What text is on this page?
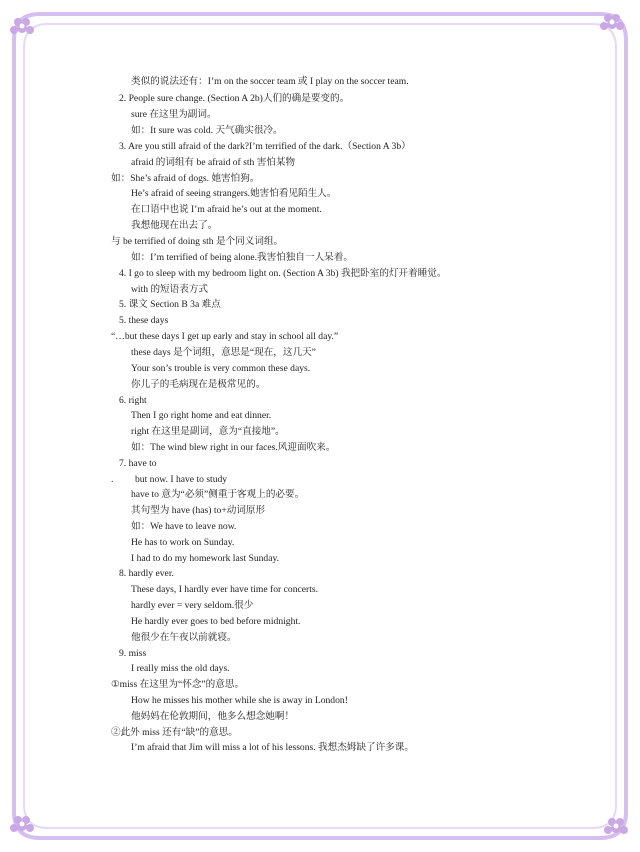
类似的说法还有：I’m on the soccer team 或 I play on the soccer team.
2. People sure change. (Section A 2b)人们的确是要变的。
sure 在这里为副词。
如：It sure was cold. 天气确实很冷。
3. Are you still afraid of the dark?I’m terrified of the dark.（Section A 3b）
afraid 的词组有 be afraid of sth 害怕某物
如：She’s afraid of dogs. 她害怕狗。
He’s afraid of seeing strangers.她害怕看见陌生人。
在口语中也说 I’m afraid he’s out at the moment.
我想他现在出去了。
与 be terrified of doing sth 是个同义词组。
如：I’m terrified of being alone.我害怕独自一人呆着。
4. I go to sleep with my bedroom light on. (Section A 3b) 我把卧室的灯开着睡觉。
with 的短语表方式
5. 课文 Section B 3a 难点
5. these days
“…but these days I get up early and stay in school all day.”
these days 是个词组，意思是“现在，这几天”
Your son’s trouble is very common these days.
你儿子的毛病现在是极常见的。
6. right
Then I go right home and eat dinner.
right 在这里是副词，意为“直接地”。
如：The wind blew right in our faces.风迎面吹来。
7. have to
. but now. I have to study
have to 意为“必须”侧重于客观上的必要。
其句型为 have (has) to+动词原形
如：We have to leave now.
He has to work on Sunday.
I had to do my homework last Sunday.
8. hardly ever.
These days, I hardly ever have time for concerts.
hardly ever = very seldom.很少
He hardly ever goes to bed before midnight.
他很少在午夜以前就寝。
9. miss
I really miss the old days.
①miss 在这里为“怀念”的意思。
How he misses his mother while she is away in London!
他妈妈在伦敦期间，他多么想念她啊！
②此外 miss 还有“缺”的意思。
I’m afraid that Jim will miss a lot of his lessons. 我想杰姆缺了许多课。
